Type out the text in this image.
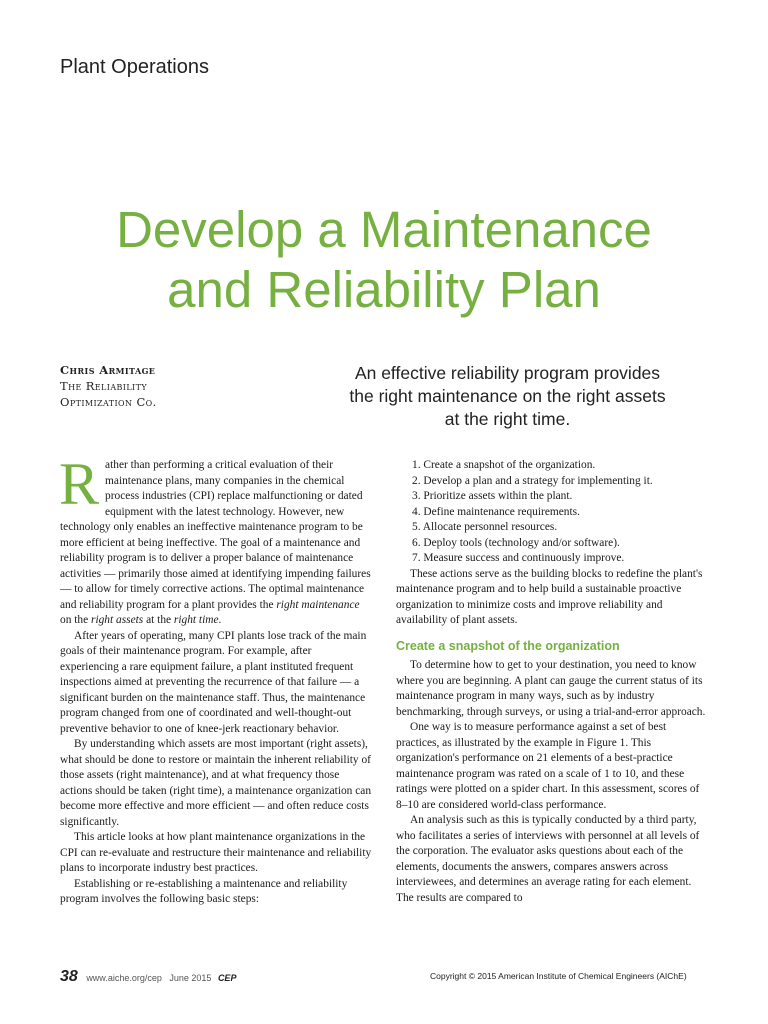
Plant Operations
Develop a Maintenance
and Reliability Plan
Chris Armitage
The Reliability
Optimization Co.
An effective reliability program provides
the right maintenance on the right assets
at the right time.

Rather than performing a critical evaluation of their maintenance plans, many companies in the chemical process industries (CPI) replace malfunctioning or dated equipment with the latest technology. However, new technology only enables an ineffective maintenance program to be more efficient at being ineffective. The goal of a maintenance and reliability program is to deliver a proper balance of maintenance activities — primarily those aimed at identifying impending failures — to allow for timely corrective actions. The optimal maintenance and reliability program for a plant provides the right maintenance on the right assets at the right time.

After years of operating, many CPI plants lose track of the main goals of their maintenance program. For example, after experiencing a rare equipment failure, a plant instituted frequent inspections aimed at preventing the recurrence of that failure — a significant burden on the maintenance staff. Thus, the maintenance program changed from one of coordinated and well-thought-out preventive behavior to one of knee-jerk reactionary behavior.

By understanding which assets are most important (right assets), what should be done to restore or maintain the inherent reliability of those assets (right maintenance), and at what frequency those actions should be taken (right time), a maintenance organization can become more effective and more efficient — and often reduce costs significantly.

This article looks at how plant maintenance organizations in the CPI can re-evaluate and restructure their maintenance and reliability plans to incorporate industry best practices.

Establishing or re-establishing a maintenance and reliability program involves the following basic steps:

1. Create a snapshot of the organization.
2. Develop a plan and a strategy for implementing it.
3. Prioritize assets within the plant.
4. Define maintenance requirements.
5. Allocate personnel resources.
6. Deploy tools (technology and/or software).
7. Measure success and continuously improve.

These actions serve as the building blocks to redefine the plant's maintenance program and to help build a sustainable proactive organization to minimize costs and improve reliability and availability of plant assets.

Create a snapshot of the organization

To determine how to get to your destination, you need to know where you are beginning. A plant can gauge the current status of its maintenance program in many ways, such as by industry benchmarking, through surveys, or using a trial-and-error approach.

One way is to measure performance against a set of best practices, as illustrated by the example in Figure 1. This organization's performance on 21 elements of a best-practice maintenance program was rated on a scale of 1 to 10, and these ratings were plotted on a spider chart. In this assessment, scores of 8–10 are considered world-class performance.

An analysis such as this is typically conducted by a third party, who facilitates a series of interviews with personnel at all levels of the corporation. The evaluator asks questions about each of the elements, documents the answers, compares answers across interviewees, and determines an average rating for each element. The results are compared to

38 www.aiche.org/cep June 2015 CEP	Copyright © 2015 American Institute of Chemical Engineers (AIChE)
